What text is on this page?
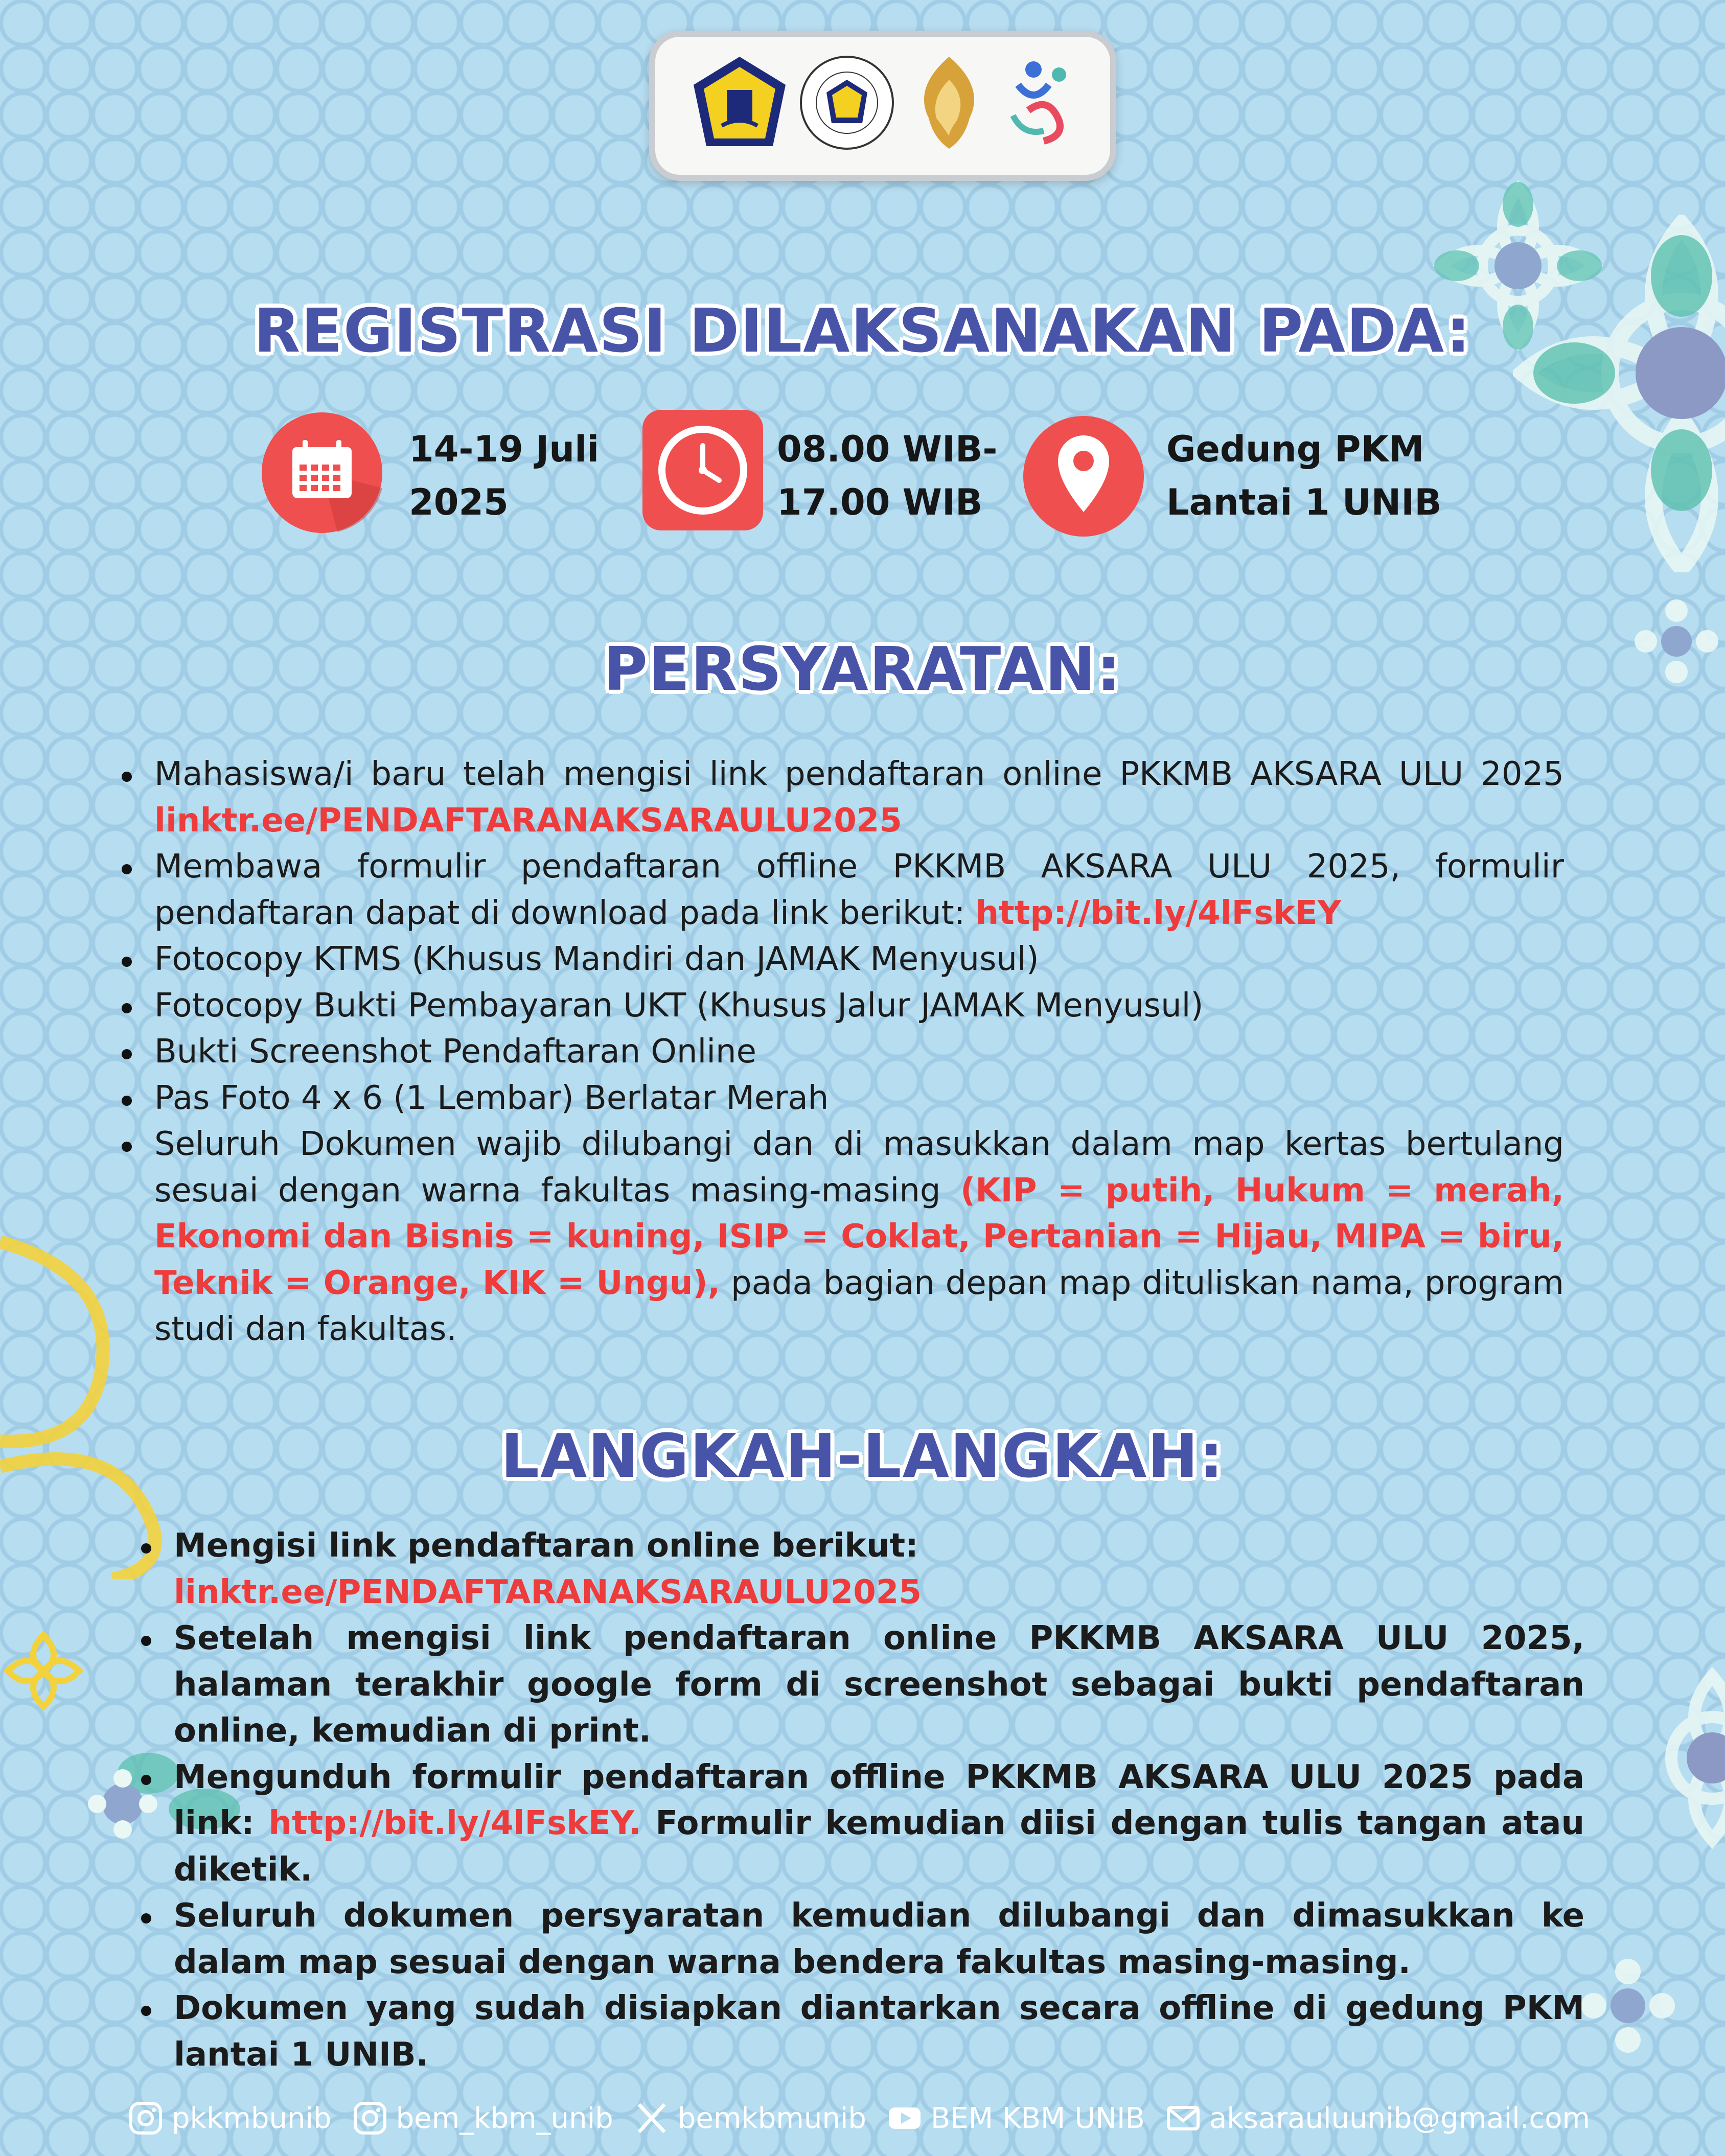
REGISTRASI DILAKSANAKAN PADA:
14-19 Juli
2025
08.00 WIB-
17.00 WIB
Gedung PKM
Lantai 1 UNIB
PERSYARATAN:
Mahasiswa/i baru telah mengisi link pendaftaran online PKKMB AKSARA ULU 2025 linktr.ee/PENDAFTARANAKSARAULU2025
Membawa formulir pendaftaran offline PKKMB AKSARA ULU 2025, formulir pendaftaran dapat di download pada link berikut: http://bit.ly/4lFskEY
Fotocopy KTMS (Khusus Mandiri dan JAMAK Menyusul)
Fotocopy Bukti Pembayaran UKT (Khusus Jalur JAMAK Menyusul)
Bukti Screenshot Pendaftaran Online
Pas Foto 4 x 6 (1 Lembar) Berlatar Merah
Seluruh Dokumen wajib dilubangi dan di masukkan dalam map kertas bertulang sesuai dengan warna fakultas masing-masing (KIP = putih, Hukum = merah, Ekonomi dan Bisnis = kuning, ISIP = Coklat, Pertanian = Hijau, MIPA = biru, Teknik = Orange, KIK = Ungu), pada bagian depan map dituliskan nama, program studi dan fakultas.
LANGKAH-LANGKAH:
Mengisi link pendaftaran online berikut:
linktr.ee/PENDAFTARANAKSARAULU2025
Setelah mengisi link pendaftaran online PKKMB AKSARA ULU 2025, halaman terakhir google form di screenshot sebagai bukti pendaftaran online, kemudian di print.
Mengunduh formulir pendaftaran offline PKKMB AKSARA ULU 2025 pada link: http://bit.ly/4lFskEY. Formulir kemudian diisi dengan tulis tangan atau diketik.
Seluruh dokumen persyaratan kemudian dilubangi dan dimasukkan ke dalam map sesuai dengan warna bendera fakultas masing-masing.
Dokumen yang sudah disiapkan diantarkan secara offline di gedung PKM lantai 1 UNIB.
pkkmbunib bem_kbm_unib bemkbmunib BEM KBM UNIB aksarauluunib@gmail.com
